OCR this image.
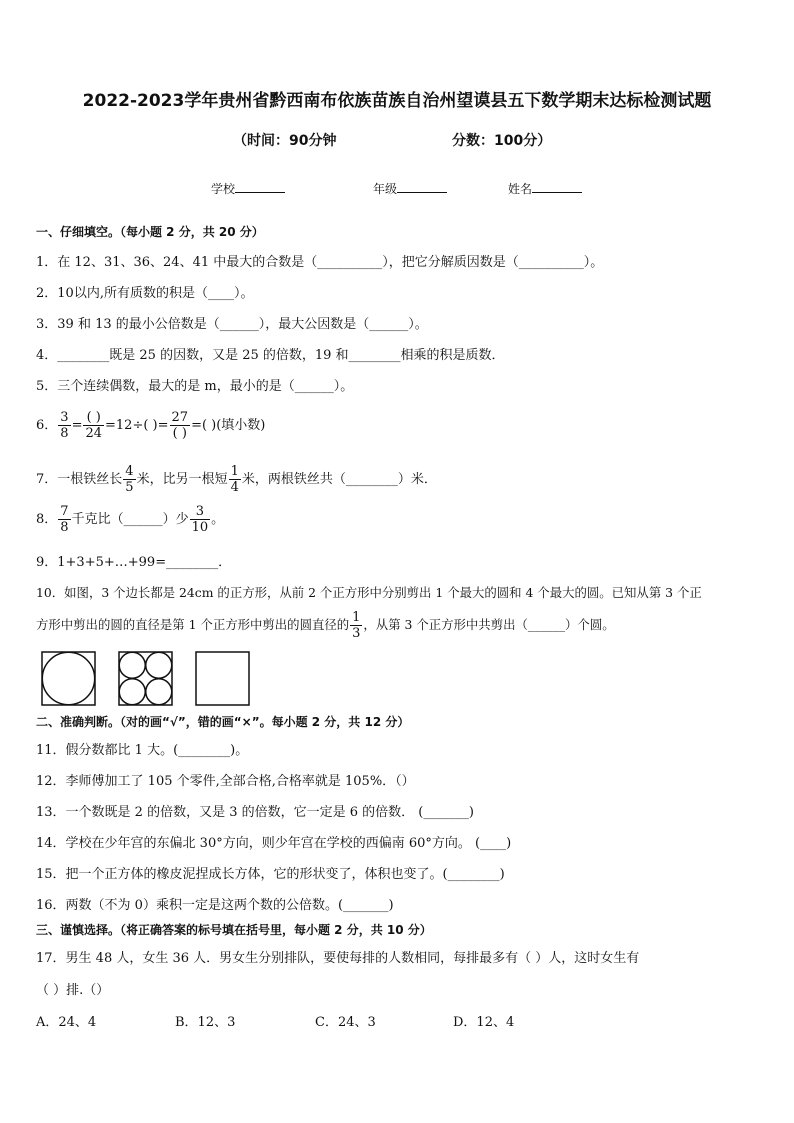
2022-2023学年贵州省黔西南布依族苗族自治州望谟县五下数学期末达标检测试题
（时间：90分钟	分数：100分）
学校	年级	姓名
一、仔细填空。（每小题 2 分，共 20 分）
1．在 12、31、36、24、41 中最大的合数是（__________），把它分解质因数是（__________）。
2．10以内,所有质数的积是（____）。
3．39 和 13 的最小公倍数是（______），最大公因数是（______）。
4．________既是 25 的因数，又是 25 的倍数，19 和________相乘的积是质数．
5．三个连续偶数，最大的是 m，最小的是（______）。
6． $\frac{3}{8} = \frac{( )}{24} =12\div$( )= $\frac{27}{( )}$ =( )(填小数)
7．一根铁丝长 $\frac{4}{5}$ 米，比另一根短 $\frac{1}{4}$ 米，两根铁丝共（________）米．
8． $\frac{7}{8}$ 千克比（______）少 $\frac{3}{10}$ 。
9．1+3+5+…+99=________．
10．如图，3 个边长都是 24cm 的正方形，从前 2 个正方形中分别剪出 1 个最大的圆和 4 个最大的圆。已知从第 3 个正
方形中剪出的圆的直径是第 1 个正方形中剪出的圆直径的 $\frac{1}{3}$ ，从第 3 个正方形中共剪出（______）个圆。
二、准确判断。（对的画“√”，错的画“×”。每小题 2 分，共 12 分）
11．假分数都比 1 大。(________)。
12．李师傅加工了 105 个零件,全部合格,合格率就是 105%．（）
13．一个数既是 2 的倍数，又是 3 的倍数，它一定是 6 的倍数． (_______)
14．学校在少年宫的东偏北 30°方向，则少年宫在学校的西偏南 60°方向。 (____)
15．把一个正方体的橡皮泥捏成长方体，它的形状变了，体积也变了。(________)
16．两数（不为 0）乘积一定是这两个数的公倍数。(_______)
三、谨慎选择。（将正确答案的标号填在括号里，每小题 2 分，共 10 分）
17．男生 48 人，女生 36 人．男女生分别排队，要使每排的人数相同，每排最多有（ ）人，这时女生有
（ ）排.（）
A．24、4	B．12、3	C．24、3	D．12、4
